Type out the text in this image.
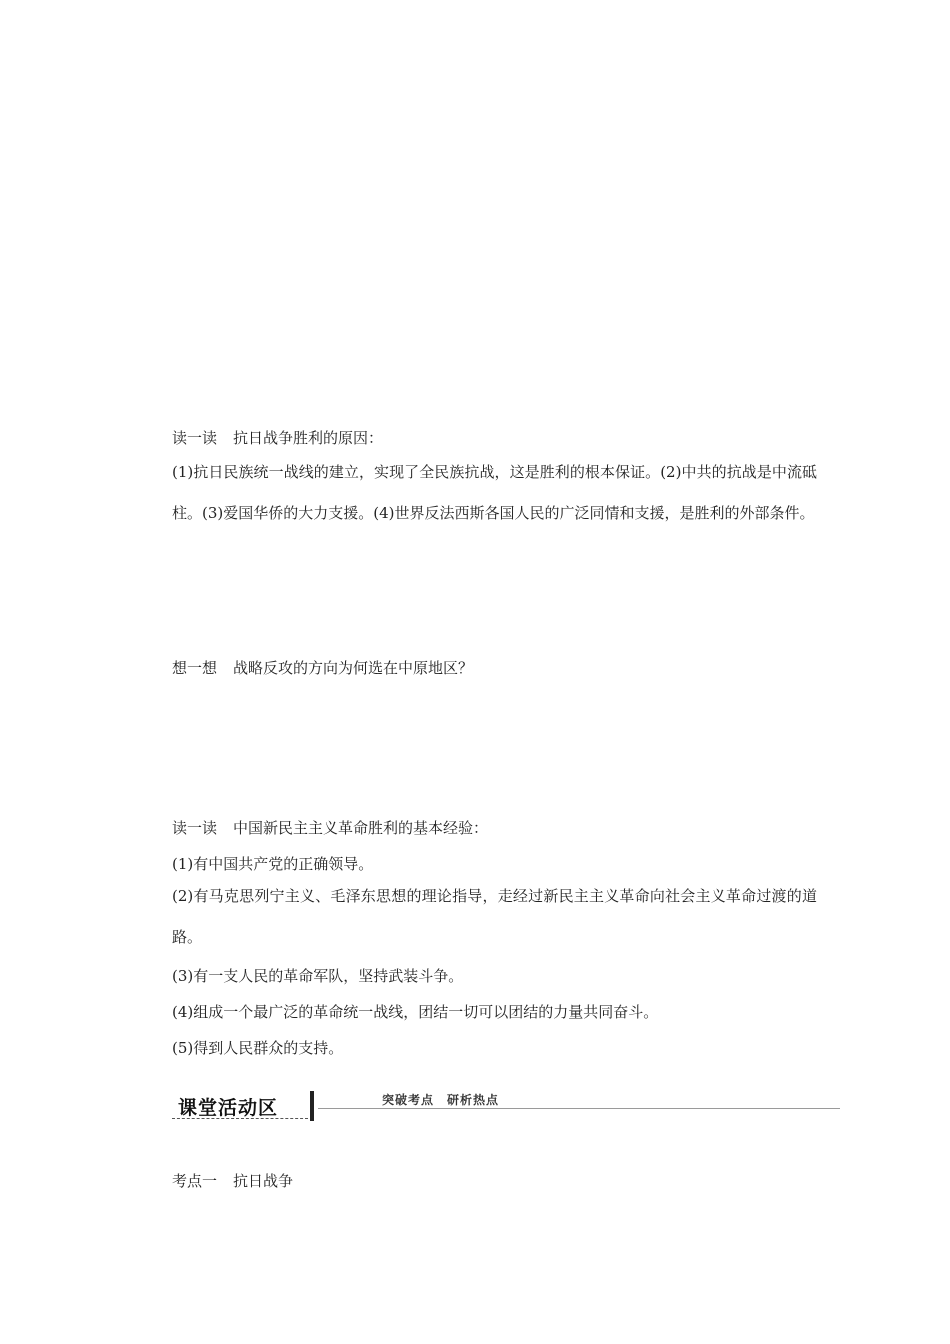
读一读 抗日战争胜利的原因：

(1)抗日民族统一战线的建立，实现了全民族抗战，这是胜利的根本保证。(2)中共的抗战是中流砥柱。(3)爱国华侨的大力支援。(4)世界反法西斯各国人民的广泛同情和支援，是胜利的外部条件。

想一想 战略反攻的方向为何选在中原地区？

读一读 中国新民主主义革命胜利的基本经验：

(1)有中国共产党的正确领导。

(2)有马克思列宁主义、毛泽东思想的理论指导，走经过新民主主义革命向社会主义革命过渡的道路。

(3)有一支人民的革命军队，坚持武装斗争。

(4)组成一个最广泛的革命统一战线，团结一切可以团结的力量共同奋斗。

(5)得到人民群众的支持。

课堂活动区	突破考点　研析热点

考点一 抗日战争
